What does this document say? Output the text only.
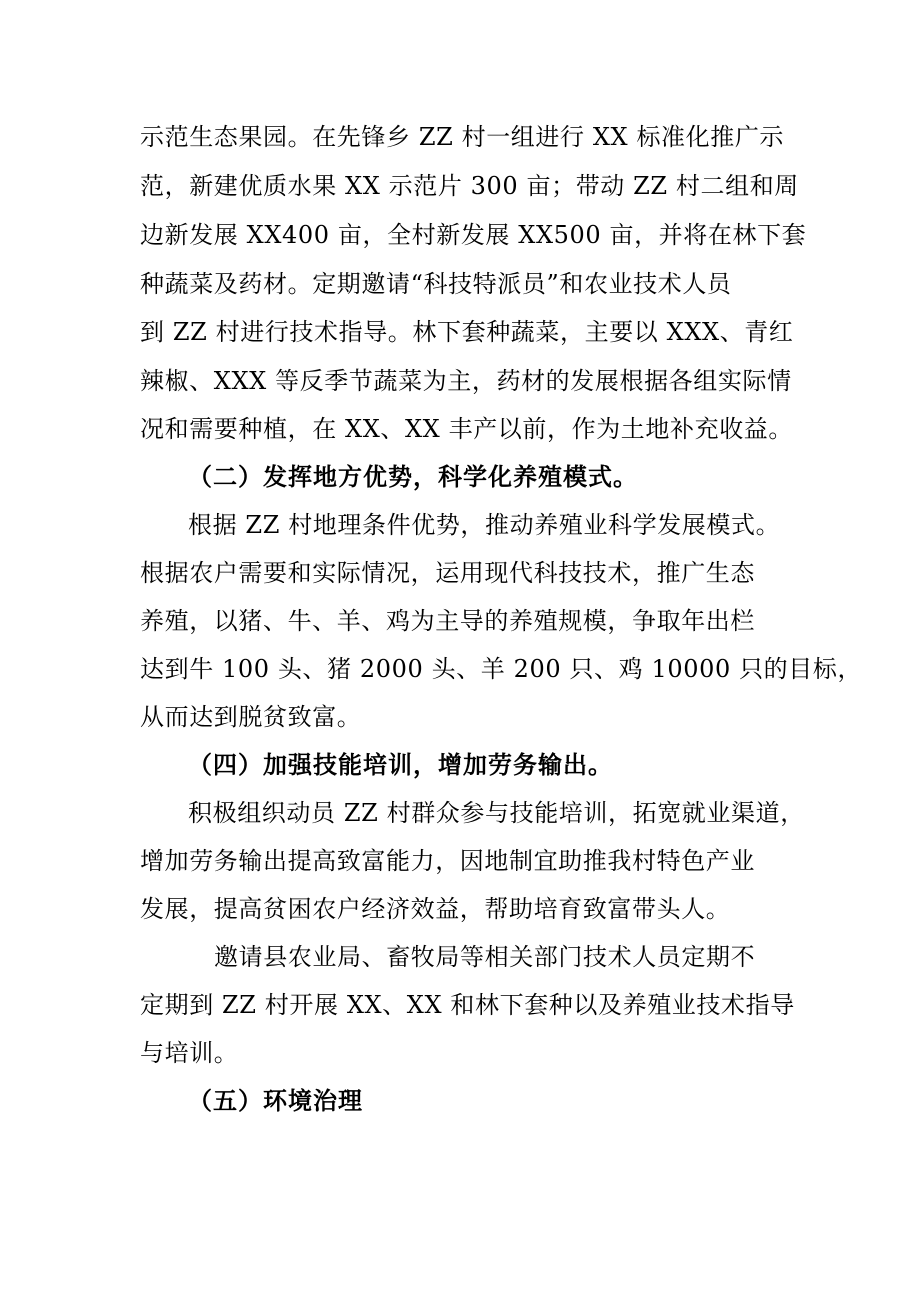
示范生态果园。在先锋乡 ZZ 村一组进行 XX 标准化推广示
范，新建优质水果 XX 示范片 300 亩；带动 ZZ 村二组和周
边新发展 XX400 亩，全村新发展 XX500 亩，并将在林下套
种蔬菜及药材。定期邀请“科技特派员”和农业技术人员
到 ZZ 村进行技术指导。林下套种蔬菜，主要以 XXX、青红
辣椒、XXX 等反季节蔬菜为主，药材的发展根据各组实际情
况和需要种植，在 XX、XX 丰产以前，作为土地补充收益。
（二）发挥地方优势，科学化养殖模式。
根据 ZZ 村地理条件优势，推动养殖业科学发展模式。
根据农户需要和实际情况，运用现代科技技术，推广生态
养殖，以猪、牛、羊、鸡为主导的养殖规模，争取年出栏
达到牛 100 头、猪 2000 头、羊 200 只、鸡 10000 只的目标，
从而达到脱贫致富。
（四）加强技能培训，增加劳务输出。
积极组织动员 ZZ 村群众参与技能培训，拓宽就业渠道，
增加劳务输出提高致富能力，因地制宜助推我村特色产业
发展，提高贫困农户经济效益，帮助培育致富带头人。
邀请县农业局、畜牧局等相关部门技术人员定期不
定期到 ZZ 村开展 XX、XX 和林下套种以及养殖业技术指导
与培训。
（五）环境治理
